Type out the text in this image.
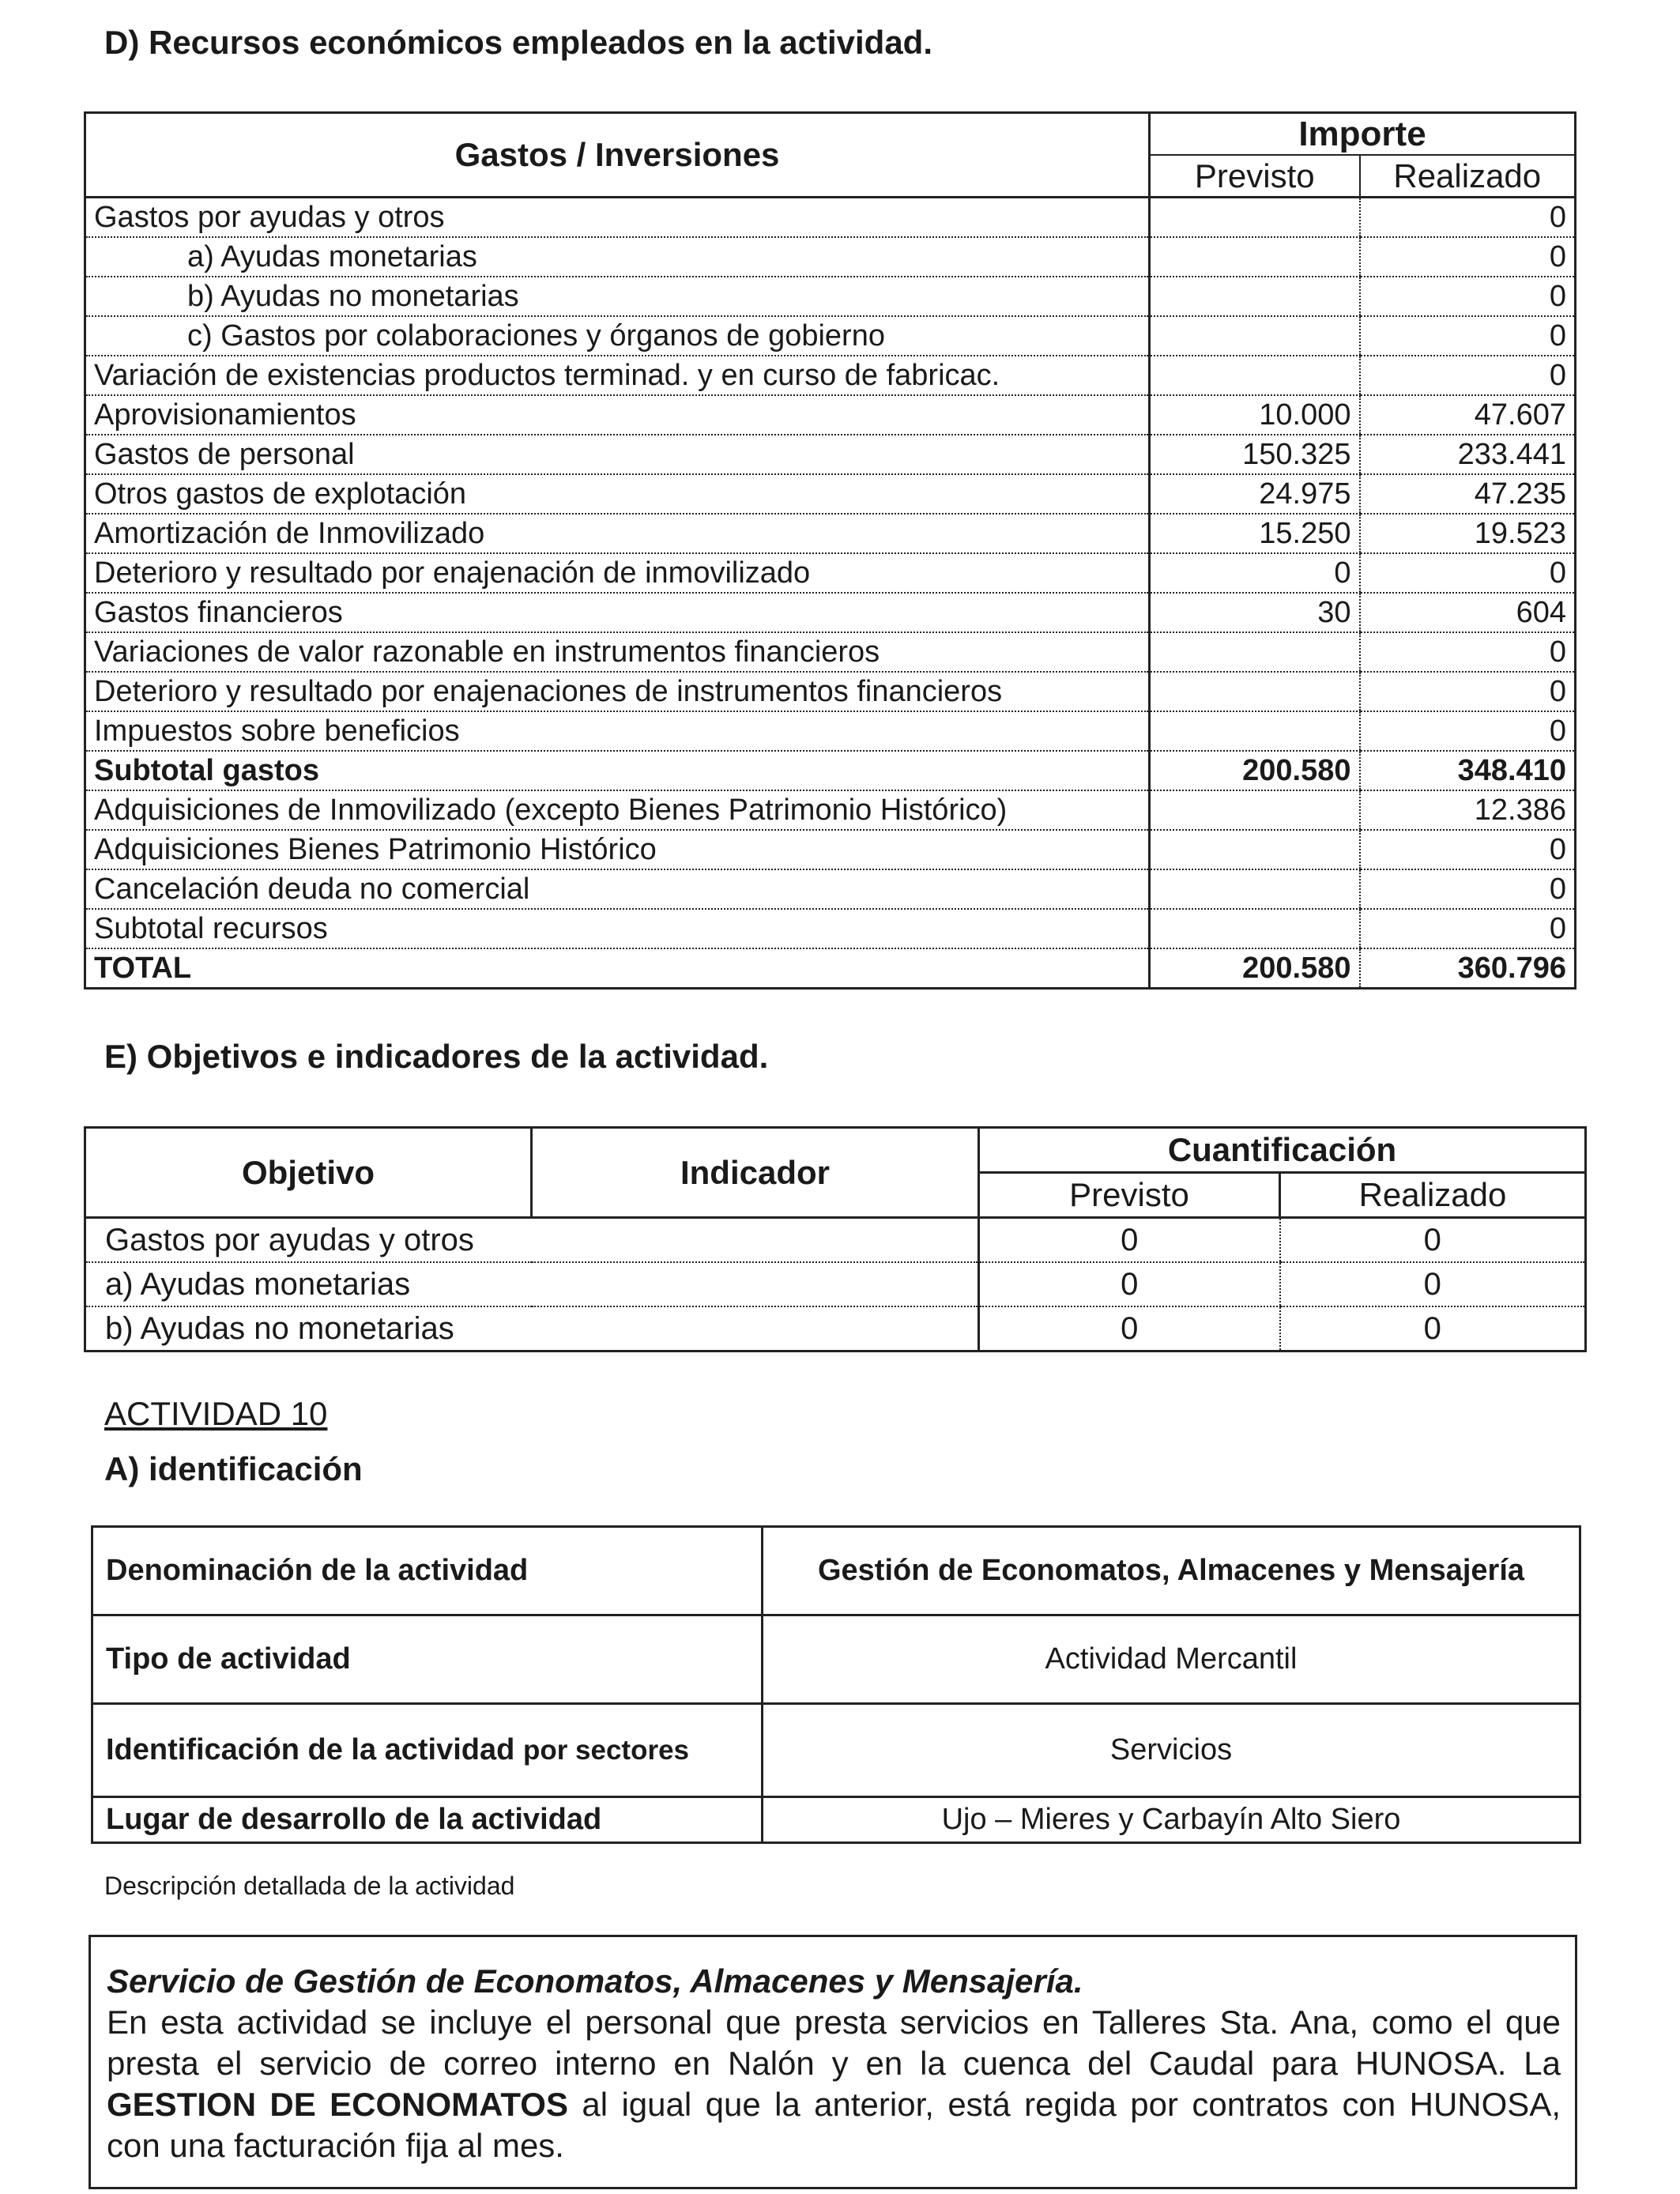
D) Recursos económicos empleados en la actividad.
Gastos / Inversiones	Importe	
	Previsto	Realizado
Gastos por ayudas y otros		0
a) Ayudas monetarias		0
b) Ayudas no monetarias		0
c) Gastos por colaboraciones y órganos de gobierno		0
Variación de existencias productos terminad. y en curso de fabricac.		0
Aprovisionamientos	10.000	47.607
Gastos de personal	150.325	233.441
Otros gastos de explotación	24.975	47.235
Amortización de Inmovilizado	15.250	19.523
Deterioro y resultado por enajenación de inmovilizado	0	0
Gastos financieros	30	604
Variaciones de valor razonable en instrumentos financieros		0
Deterioro y resultado por enajenaciones de instrumentos financieros		0
Impuestos sobre beneficios		0
Subtotal gastos	200.580	348.410
Adquisiciones de Inmovilizado (excepto Bienes Patrimonio Histórico)		12.386
Adquisiciones Bienes Patrimonio Histórico		0
Cancelación deuda no comercial		0
Subtotal recursos		0
TOTAL	200.580	360.796
E) Objetivos e indicadores de la actividad.
Objetivo	Indicador	Cuantificación	
		Previsto	Realizado
Gastos por ayudas y otros		0	0
a) Ayudas monetarias		0	0
b) Ayudas no monetarias		0	0
ACTIVIDAD 10
A) identificación
Denominación de la actividad	Gestión de Economatos, Almacenes y Mensajería
Tipo de actividad	Actividad Mercantil
Identificación de la actividad por sectores	Servicios
Lugar de desarrollo de la actividad	Ujo – Mieres y Carbayín Alto Siero
Descripción detallada de la actividad
Servicio de Gestión de Economatos, Almacenes y Mensajería.
En esta actividad se incluye el personal que presta servicios en Talleres Sta. Ana, como el que presta el servicio de correo interno en Nalón y en la cuenca del Caudal para HUNOSA. La GESTION DE ECONOMATOS al igual que la anterior, está regida por contratos con HUNOSA, con una facturación fija al mes.
